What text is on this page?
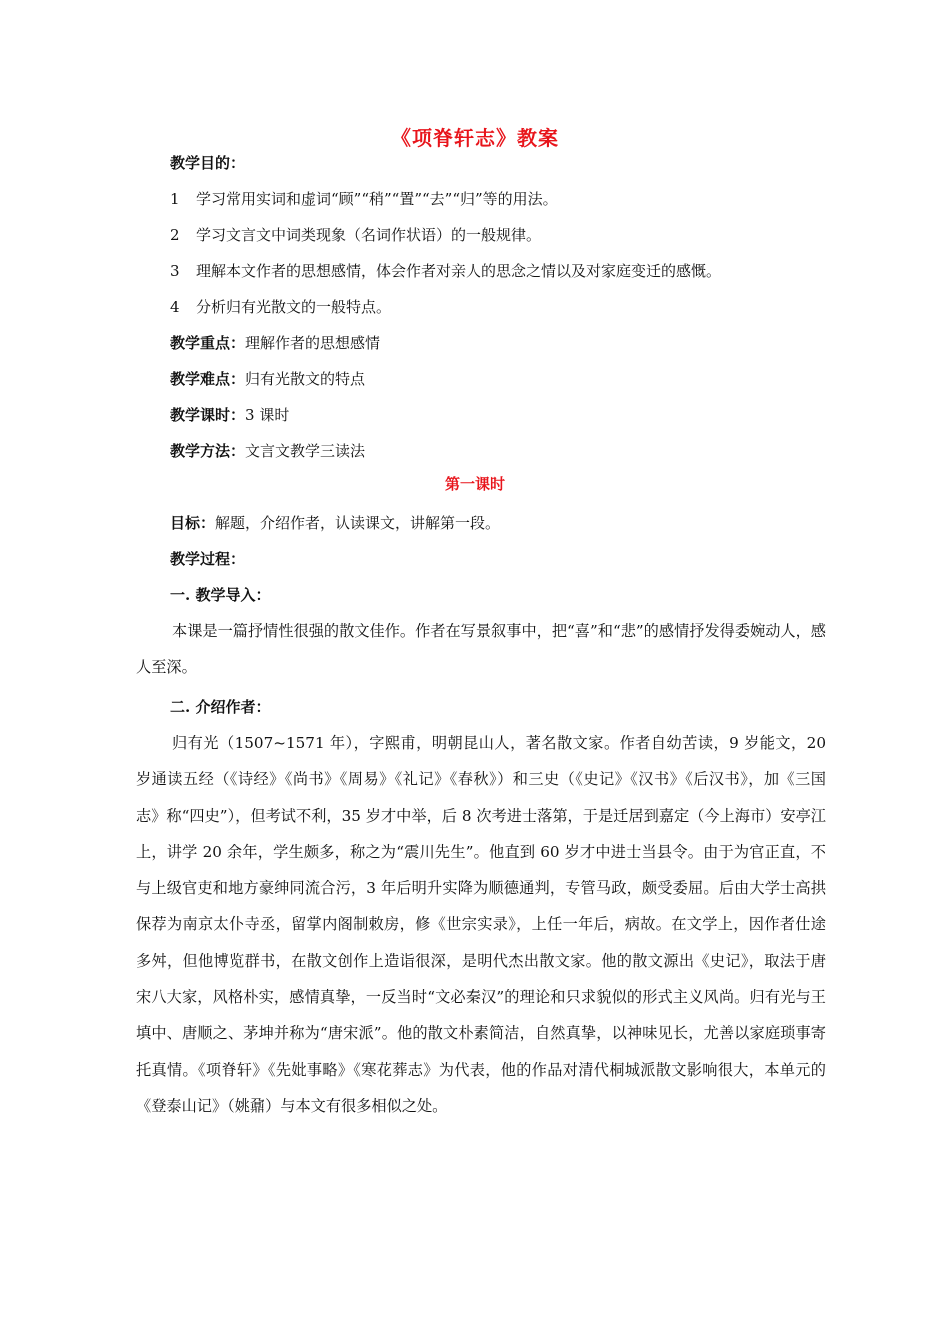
《项脊轩志》教案
教学目的：
1 学习常用实词和虚词“顾”“稍”“置”“去”“归”等的用法。
2 学习文言文中词类现象（名词作状语）的一般规律。
3 理解本文作者的思想感情，体会作者对亲人的思念之情以及对家庭变迁的感慨。
4 分析归有光散文的一般特点。
教学重点：理解作者的思想感情
教学难点：归有光散文的特点
教学课时：3 课时
教学方法：文言文教学三读法
第一课时
目标：解题，介绍作者，认读课文，讲解第一段。
教学过程：
一. 教学导入：

本课是一篇抒情性很强的散文佳作。作者在写景叙事中，把“喜”和“悲”的感情抒发得委婉动人，感人至深。

二. 介绍作者：

归有光（1507~1571 年），字熙甫，明朝昆山人，著名散文家。作者自幼苦读，9 岁能文，20 岁通读五经（《诗经》《尚书》《周易》《礼记》《春秋》）和三史（《史记》《汉书》《后汉书》，加《三国志》称“四史”），但考试不利，35 岁才中举，后 8 次考进士落第，于是迁居到嘉定（今上海市）安亭江上，讲学 20 余年，学生颇多，称之为“震川先生”。他直到 60 岁才中进士当县令。由于为官正直，不与上级官吏和地方豪绅同流合污，3 年后明升实降为顺德通判，专管马政，颇受委屈。后由大学士高拱保荐为南京太仆寺丞，留掌内阁制敕房，修《世宗实录》，上任一年后，病故。在文学上，因作者仕途多舛，但他博览群书，在散文创作上造诣很深，是明代杰出散文家。他的散文源出《史记》，取法于唐宋八大家，风格朴实，感情真挚，一反当时“文必秦汉”的理论和只求貌似的形式主义风尚。归有光与王填中、唐顺之、茅坤并称为“唐宋派”。他的散文朴素简洁，自然真挚，以神味见长，尤善以家庭琐事寄托真情。《项脊轩》《先妣事略》《寒花葬志》为代表，他的作品对清代桐城派散文影响很大，本单元的《登泰山记》（姚鼐）与本文有很多相似之处。
